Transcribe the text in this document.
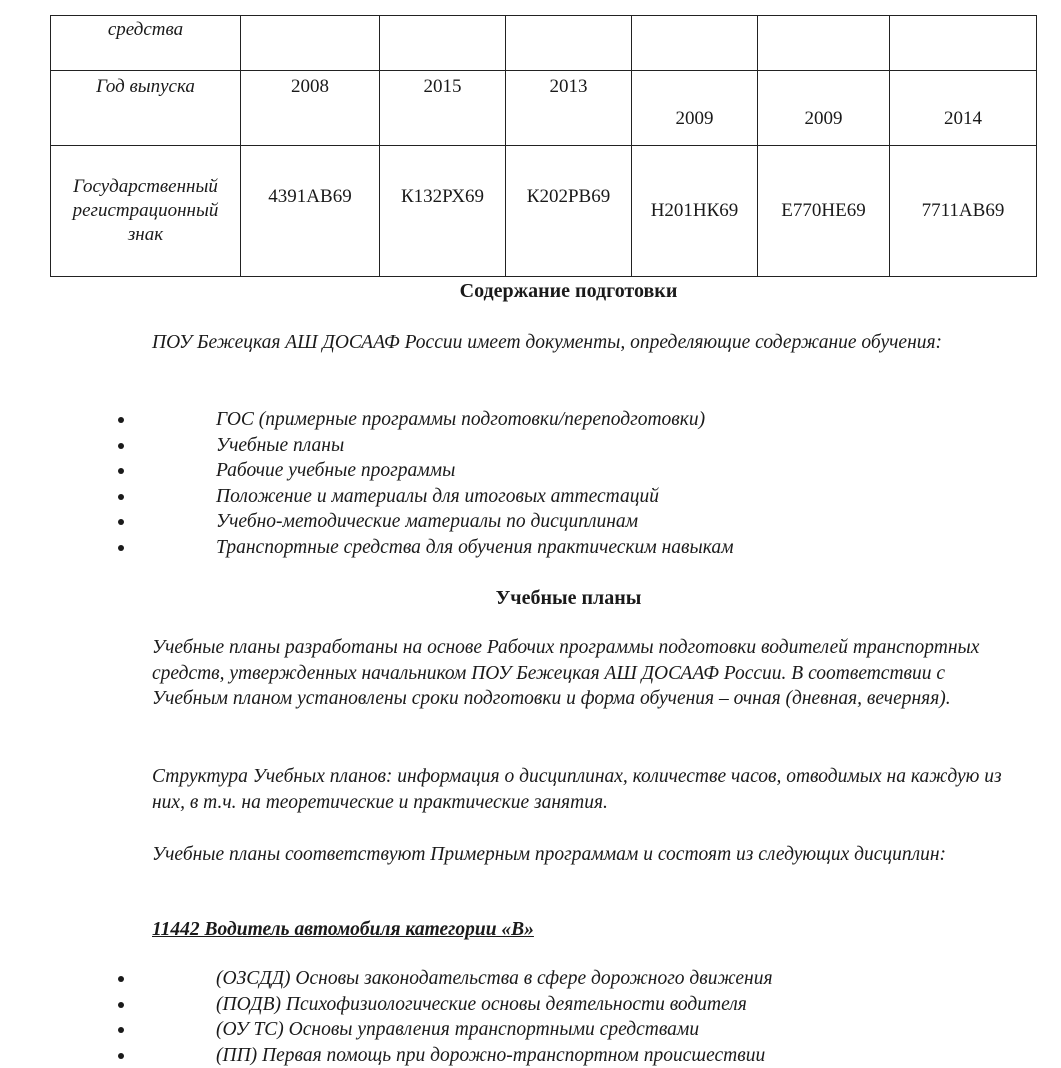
средства						
Год выпуска	2008	2015	2013	2009	2009	2014
Государственный
регистрационный
знак	4391АВ69	К132РХ69	К202РВ69	Н201НК69	Е770НЕ69	7711АВ69
Содержание подготовки

ПОУ Бежецкая АШ ДОСААФ России имеет документы, определяющие содержание обучения:

ГОС (примерные программы подготовки/переподготовки)
Учебные планы
Рабочие учебные программы
Положение и материалы для итоговых аттестаций
Учебно-методические материалы по дисциплинам
Транспортные средства для обучения практическим навыкам
Учебные планы

Учебные планы разработаны на основе Рабочих программы подготовки водителей транспортных средств, утвержденных начальником ПОУ Бежецкая АШ ДОСААФ России. В соответствии с Учебным планом установлены сроки подготовки и форма обучения – очная (дневная, вечерняя).

Структура Учебных планов: информация о дисциплинах, количестве часов, отводимых на каждую из них, в т.ч. на теоретические и практические занятия.

Учебные планы соответствуют Примерным программам и состоят из следующих дисциплин:

11442 Водитель автомобиля категории «В»
(ОЗСДД) Основы законодательства в сфере дорожного движения
(ПОДВ) Психофизиологические основы деятельности водителя
(ОУ ТС) Основы управления транспортными средствами
(ПП) Первая помощь при дорожно-транспортном происшествии
